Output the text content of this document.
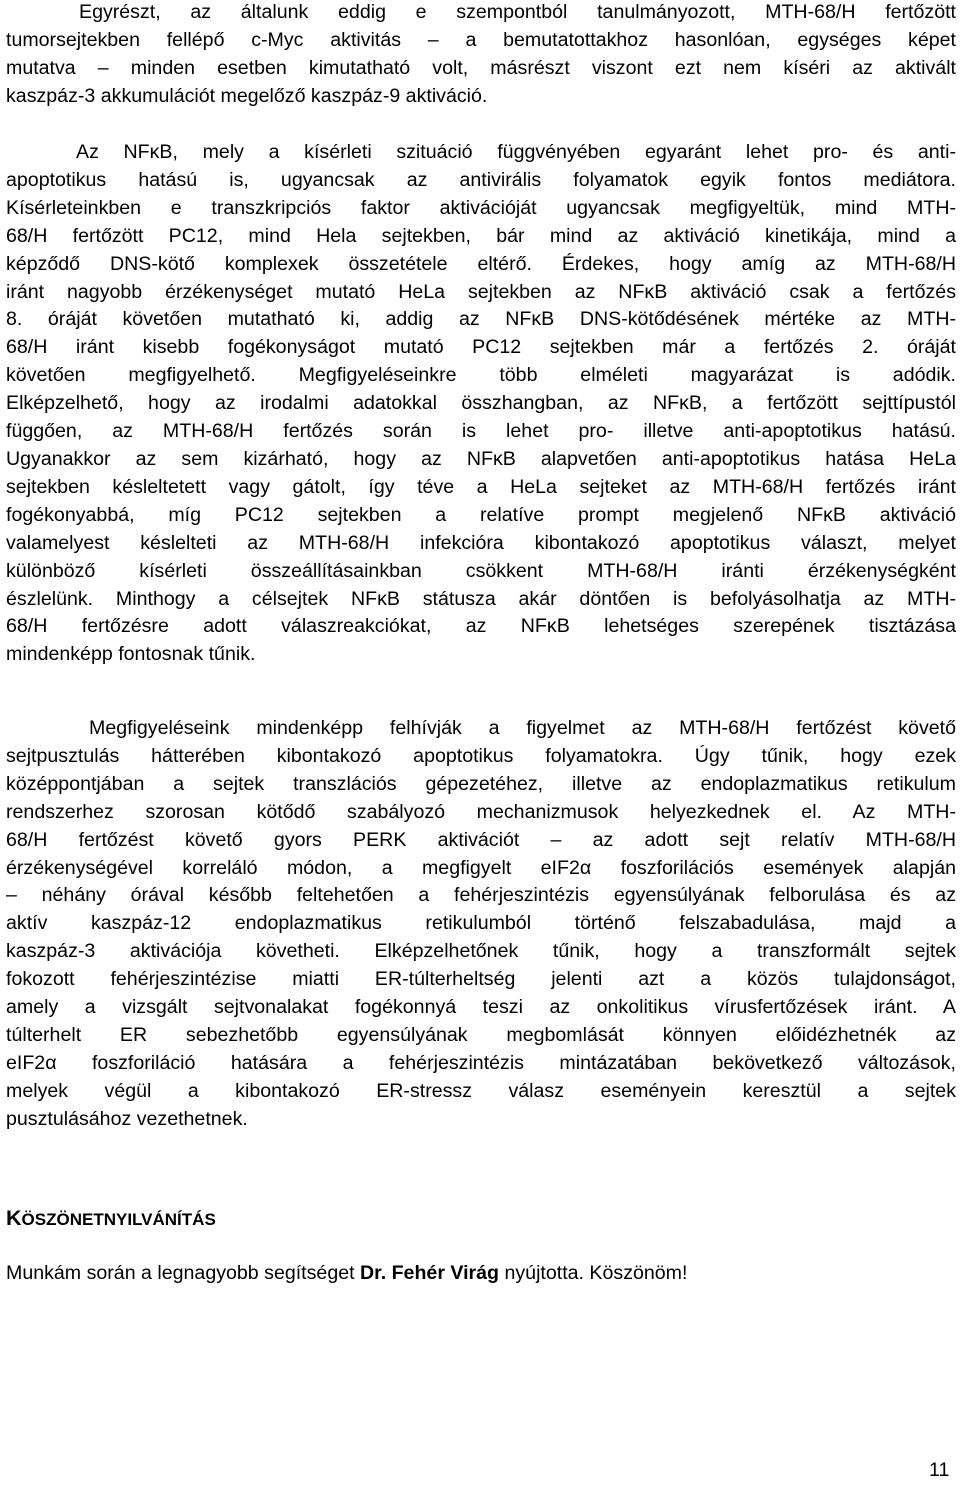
Egyrészt, az általunk eddig e szempontból tanulmányozott, MTH-68/H fertőzött
tumorsejtekben fellépő c-Myc aktivitás – a bemutatottakhoz hasonlóan, egységes képet
mutatva – minden esetben kimutatható volt, másrészt viszont ezt nem kíséri az aktivált
kaszpáz-3 akkumulációt megelőző kaszpáz-9 aktiváció.
Az NFκB, mely a kísérleti szituáció függvényében egyaránt lehet pro- és anti-
apoptotikus hatású is, ugyancsak az antivirális folyamatok egyik fontos mediátora.
Kísérleteinkben e transzkripciós faktor aktivációját ugyancsak megfigyeltük, mind MTH-
68/H fertőzött PC12, mind Hela sejtekben, bár mind az aktiváció kinetikája, mind a
képződő DNS-kötő komplexek összetétele eltérő. Érdekes, hogy amíg az MTH-68/H
iránt nagyobb érzékenységet mutató HeLa sejtekben az NFκB aktiváció csak a fertőzés
8. óráját követően mutatható ki, addig az NFκB DNS-kötődésének mértéke az MTH-
68/H iránt kisebb fogékonyságot mutató PC12 sejtekben már a fertőzés 2. óráját
követően megfigyelhető. Megfigyeléseinkre több elméleti magyarázat is adódik.
Elképzelhető, hogy az irodalmi adatokkal összhangban, az NFκB, a fertőzött sejttípustól
függően, az MTH-68/H fertőzés során is lehet pro- illetve anti-apoptotikus hatású.
Ugyanakkor az sem kizárható, hogy az NFκB alapvetően anti-apoptotikus hatása HeLa
sejtekben késleltetett vagy gátolt, így téve a HeLa sejteket az MTH-68/H fertőzés iránt
fogékonyabbá, míg PC12 sejtekben a relatíve prompt megjelenő NFκB aktiváció
valamelyest késlelteti az MTH-68/H infekcióra kibontakozó apoptotikus választ, melyet
különböző kísérleti összeállításainkban csökkent MTH-68/H iránti érzékenységként
észlelünk. Minthogy a célsejtek NFκB státusza akár döntően is befolyásolhatja az MTH-
68/H fertőzésre adott válaszreakciókat, az NFκB lehetséges szerepének tisztázása
mindenképp fontosnak tűnik.
Megfigyeléseink mindenképp felhívják a figyelmet az MTH-68/H fertőzést követő
sejtpusztulás hátterében kibontakozó apoptotikus folyamatokra. Úgy tűnik, hogy ezek
középpontjában a sejtek transzlációs gépezetéhez, illetve az endoplazmatikus retikulum
rendszerhez szorosan kötődő szabályozó mechanizmusok helyezkednek el. Az MTH-
68/H fertőzést követő gyors PERK aktivációt – az adott sejt relatív MTH-68/H
érzékenységével korreláló módon, a megfigyelt eIF2α foszforilációs események alapján
– néhány órával később feltehetően a fehérjeszintézis egyensúlyának felborulása és az
aktív kaszpáz-12 endoplazmatikus retikulumból történő felszabadulása, majd a
kaszpáz-3 aktivációja követheti. Elképzelhetőnek tűnik, hogy a transzformált sejtek
fokozott fehérjeszintézise miatti ER-túlterheltség jelenti azt a közös tulajdonságot,
amely a vizsgált sejtvonalakat fogékonnyá teszi az onkolitikus vírusfertőzések iránt. A
túlterhelt ER sebezhetőbb egyensúlyának megbomlását könnyen előidézhetnék az
eIF2α foszforiláció hatására a fehérjeszintézis mintázatában bekövetkező változások,
melyek végül a kibontakozó ER-stressz válasz eseményein keresztül a sejtek
pusztulásához vezethetnek.
KÖSZÖNETNYILVÁNÍTÁS

Munkám során a legnagyobb segítséget Dr. Fehér Virág nyújtotta. Köszönöm!

11
